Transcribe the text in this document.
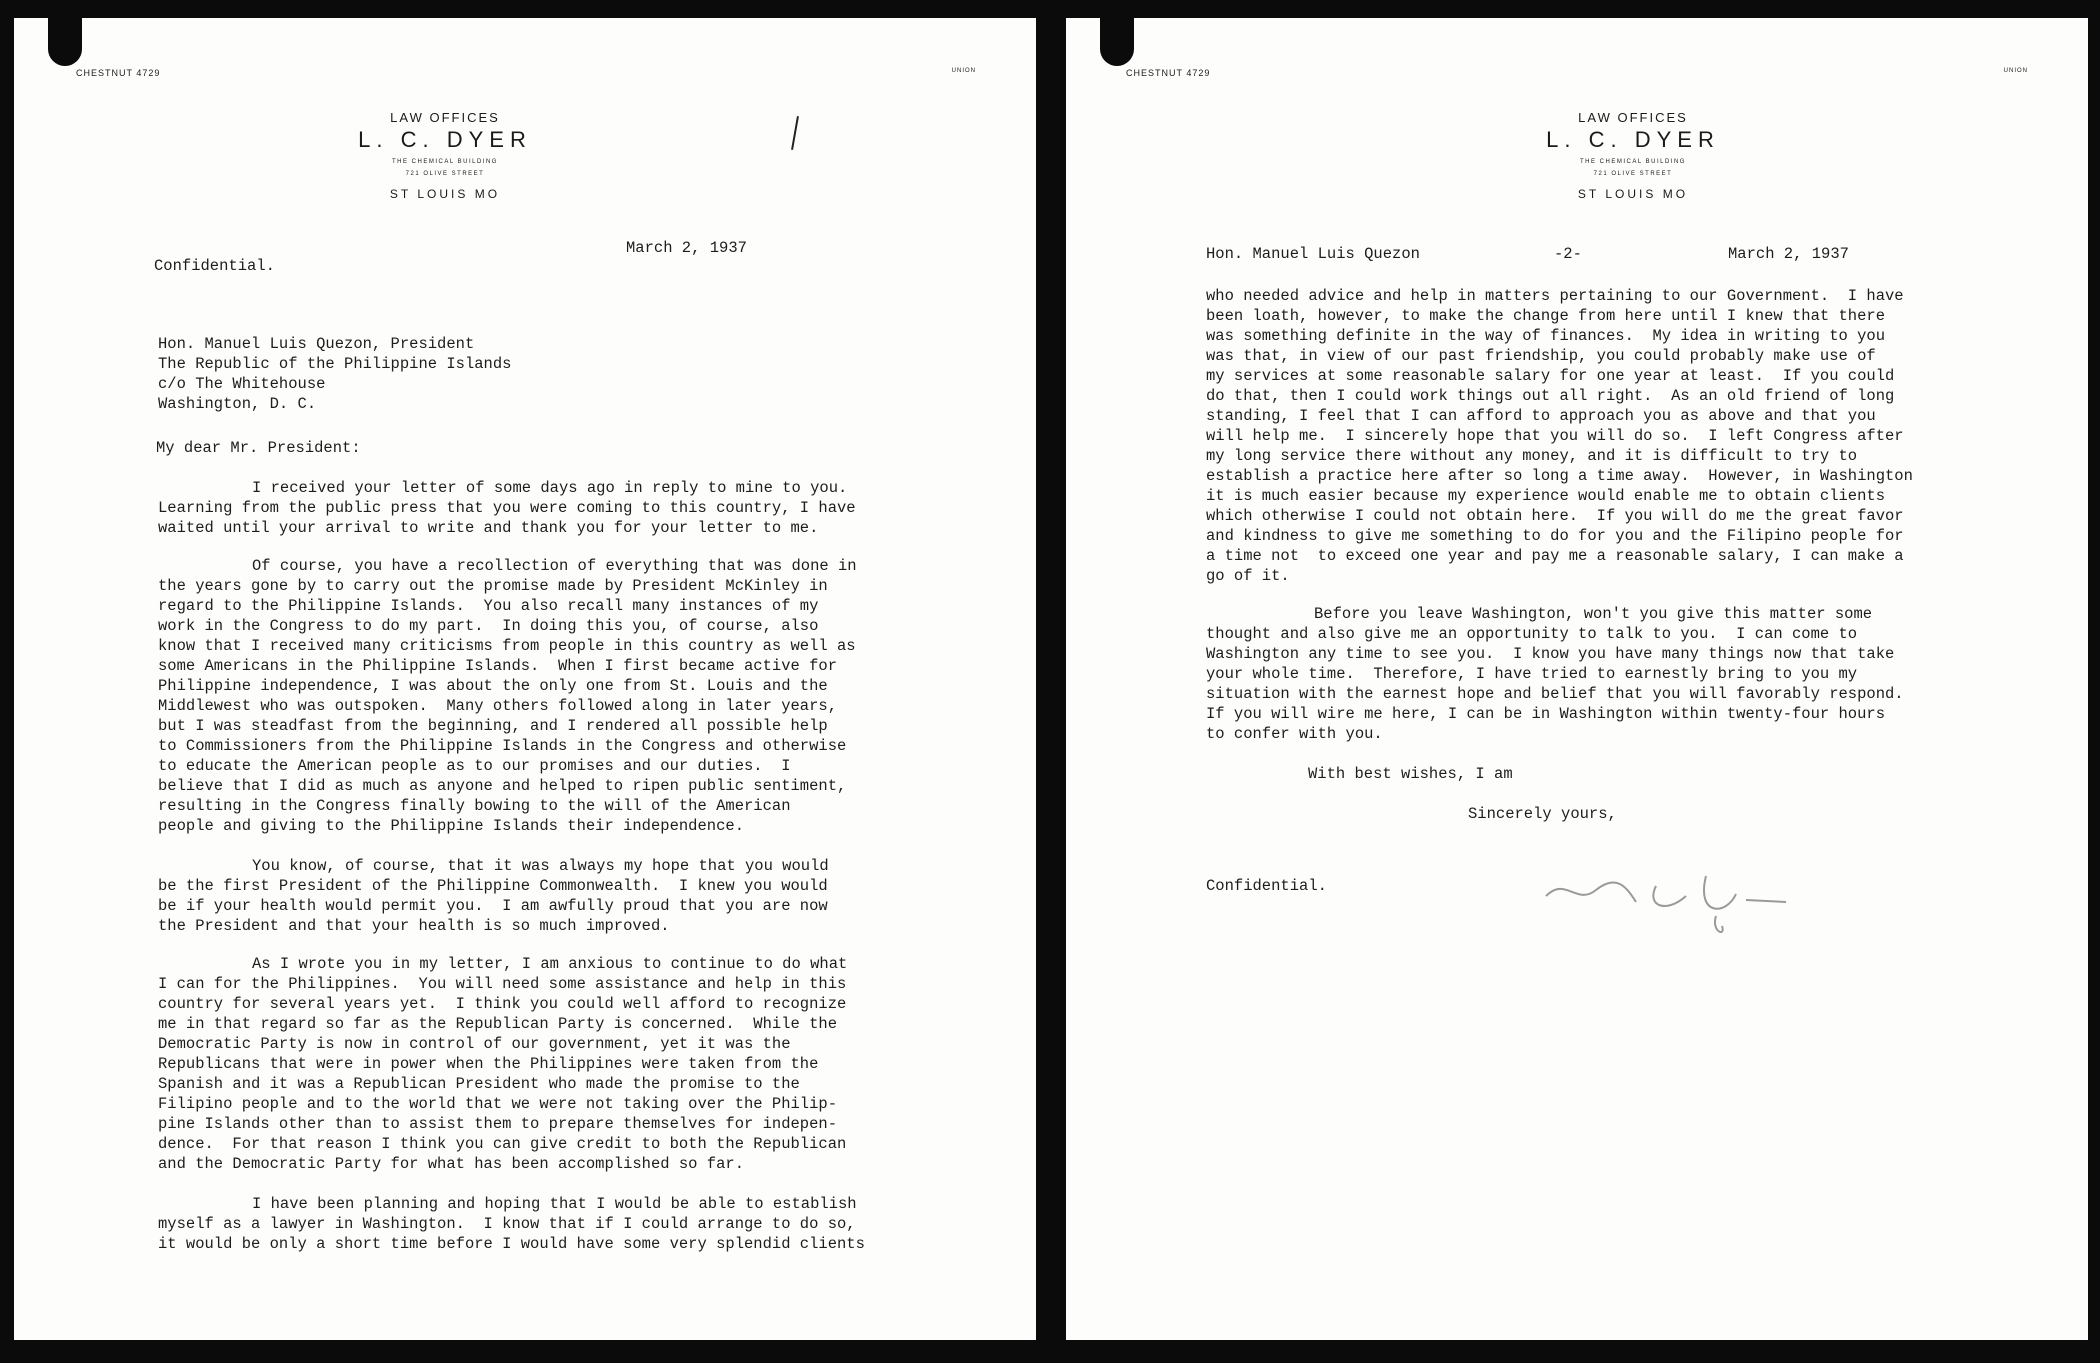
CHESTNUT 4729	UNION
LAW OFFICES
L. C. DYER
THE CHEMICAL BUILDING
721 OLIVE STREET
ST LOUIS MO
March 2, 1937
Confidential.
Hon. Manuel Luis Quezon, President
The Republic of the Philippine Islands
c/o The Whitehouse
Washington, D. C.
My dear Mr. President:
I received your letter of some days ago in reply to mine to you.
Learning from the public press that you were coming to this country, I have
waited until your arrival to write and thank you for your letter to me.
Of course, you have a recollection of everything that was done in
the years gone by to carry out the promise made by President McKinley in
regard to the Philippine Islands.  You also recall many instances of my
work in the Congress to do my part.  In doing this you, of course, also
know that I received many criticisms from people in this country as well as
some Americans in the Philippine Islands.  When I first became active for
Philippine independence, I was about the only one from St. Louis and the
Middlewest who was outspoken.  Many others followed along in later years,
but I was steadfast from the beginning, and I rendered all possible help
to Commissioners from the Philippine Islands in the Congress and otherwise
to educate the American people as to our promises and our duties.  I
believe that I did as much as anyone and helped to ripen public sentiment,
resulting in the Congress finally bowing to the will of the American
people and giving to the Philippine Islands their independence.
You know, of course, that it was always my hope that you would
be the first President of the Philippine Commonwealth.  I knew you would
be if your health would permit you.  I am awfully proud that you are now
the President and that your health is so much improved.
As I wrote you in my letter, I am anxious to continue to do what
I can for the Philippines.  You will need some assistance and help in this
country for several years yet.  I think you could well afford to recognize
me in that regard so far as the Republican Party is concerned.  While the
Democratic Party is now in control of our government, yet it was the
Republicans that were in power when the Philippines were taken from the
Spanish and it was a Republican President who made the promise to the
Filipino people and to the world that we were not taking over the Philip-
pine Islands other than to assist them to prepare themselves for indepen-
dence.  For that reason I think you can give credit to both the Republican
and the Democratic Party for what has been accomplished so far.
I have been planning and hoping that I would be able to establish
myself as a lawyer in Washington.  I know that if I could arrange to do so,
it would be only a short time before I would have some very splendid clients
CHESTNUT 4729	UNION
LAW OFFICES
L. C. DYER
THE CHEMICAL BUILDING
721 OLIVE STREET
ST LOUIS MO
Hon. Manuel Luis Quezon	-2-	March 2, 1937
who needed advice and help in matters pertaining to our Government.  I have
been loath, however, to make the change from here until I knew that there
was something definite in the way of finances.  My idea in writing to you
was that, in view of our past friendship, you could probably make use of
my services at some reasonable salary for one year at least.  If you could
do that, then I could work things out all right.  As an old friend of long
standing, I feel that I can afford to approach you as above and that you
will help me.  I sincerely hope that you will do so.  I left Congress after
my long service there without any money, and it is difficult to try to
establish a practice here after so long a time away.  However, in Washington
it is much easier because my experience would enable me to obtain clients
which otherwise I could not obtain here.  If you will do me the great favor
and kindness to give me something to do for you and the Filipino people for
a time not  to exceed one year and pay me a reasonable salary, I can make a
go of it.
Before you leave Washington, won't you give this matter some
thought and also give me an opportunity to talk to you.  I can come to
Washington any time to see you.  I know you have many things now that take
your whole time.  Therefore, I have tried to earnestly bring to you my
situation with the earnest hope and belief that you will favorably respond.
If you will wire me here, I can be in Washington within twenty-four hours
to confer with you.
With best wishes, I am
Sincerely yours,
Confidential.
